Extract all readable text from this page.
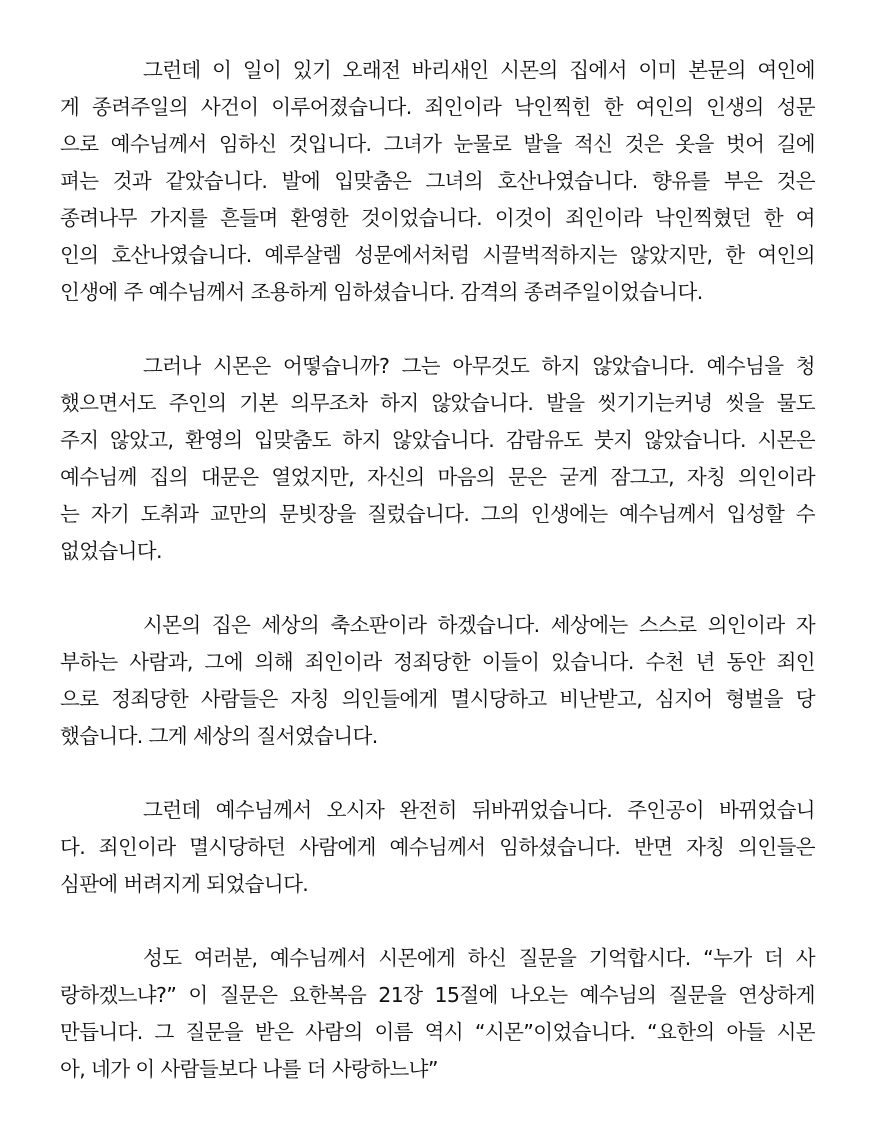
그런데 이 일이 있기 오래전 바리새인 시몬의 집에서 이미 본문의 여인에
게 종려주일의 사건이 이루어졌습니다. 죄인이라 낙인찍힌 한 여인의 인생의 성문
으로 예수님께서 임하신 것입니다. 그녀가 눈물로 발을 적신 것은 옷을 벗어 길에
펴는 것과 같았습니다. 발에 입맞춤은 그녀의 호산나였습니다. 향유를 부은 것은
종려나무 가지를 흔들며 환영한 것이었습니다. 이것이 죄인이라 낙인찍혔던 한 여
인의 호산나였습니다. 예루살렘 성문에서처럼 시끌벅적하지는 않았지만, 한 여인의
인생에 주 예수님께서 조용하게 임하셨습니다. 감격의 종려주일이었습니다.
그러나 시몬은 어떻습니까? 그는 아무것도 하지 않았습니다. 예수님을 청
했으면서도 주인의 기본 의무조차 하지 않았습니다. 발을 씻기기는커녕 씻을 물도
주지 않았고, 환영의 입맞춤도 하지 않았습니다. 감람유도 붓지 않았습니다. 시몬은
예수님께 집의 대문은 열었지만, 자신의 마음의 문은 굳게 잠그고, 자칭 의인이라
는 자기 도취과 교만의 문빗장을 질렀습니다. 그의 인생에는 예수님께서 입성할 수
없었습니다.
시몬의 집은 세상의 축소판이라 하겠습니다. 세상에는 스스로 의인이라 자
부하는 사람과, 그에 의해 죄인이라 정죄당한 이들이 있습니다. 수천 년 동안 죄인
으로 정죄당한 사람들은 자칭 의인들에게 멸시당하고 비난받고, 심지어 형벌을 당
했습니다. 그게 세상의 질서였습니다.
그런데 예수님께서 오시자 완전히 뒤바뀌었습니다. 주인공이 바뀌었습니
다. 죄인이라 멸시당하던 사람에게 예수님께서 임하셨습니다. 반면 자칭 의인들은
심판에 버려지게 되었습니다.
성도 여러분, 예수님께서 시몬에게 하신 질문을 기억합시다. “누가 더 사
랑하겠느냐?” 이 질문은 요한복음 21장 15절에 나오는 예수님의 질문을 연상하게
만듭니다. 그 질문을 받은 사람의 이름 역시 “시몬”이었습니다. “요한의 아들 시몬
아, 네가 이 사람들보다 나를 더 사랑하느냐”
